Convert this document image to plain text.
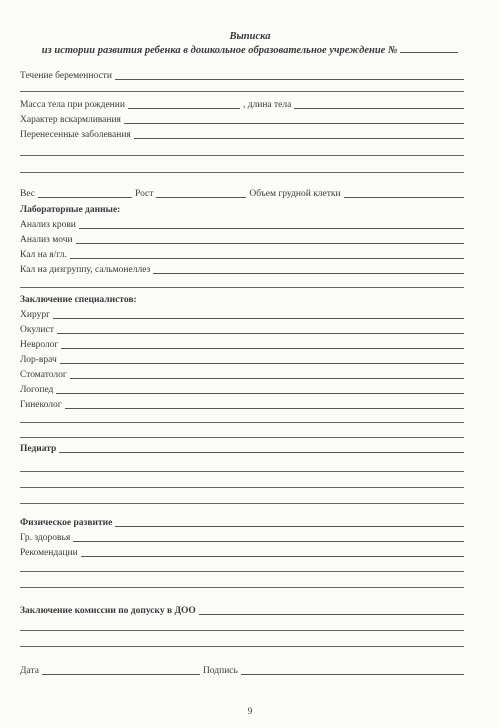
Выписка
из истории развития ребенка в дошкольное образовательное учреждение №
Течение беременности
Масса тела при рождении	, длина тела
Характер вскармливания
Перенесенные заболевания
Вес	Рост	Объем грудной клетки
Лабораторные данные:
Анализ крови
Анализ мочи
Кал на я/гл.
Кал на дизгруппу, сальмонеллез
Заключение специалистов:
Хирург
Окулист
Невролог
Лор-врач
Стоматолог
Логопед
Гинеколог
Педиатр
Физическое развитие
Гр. здоровья
Рекомендации
Заключение комиссии по допуску в ДОО
Дата	Подпись
9
